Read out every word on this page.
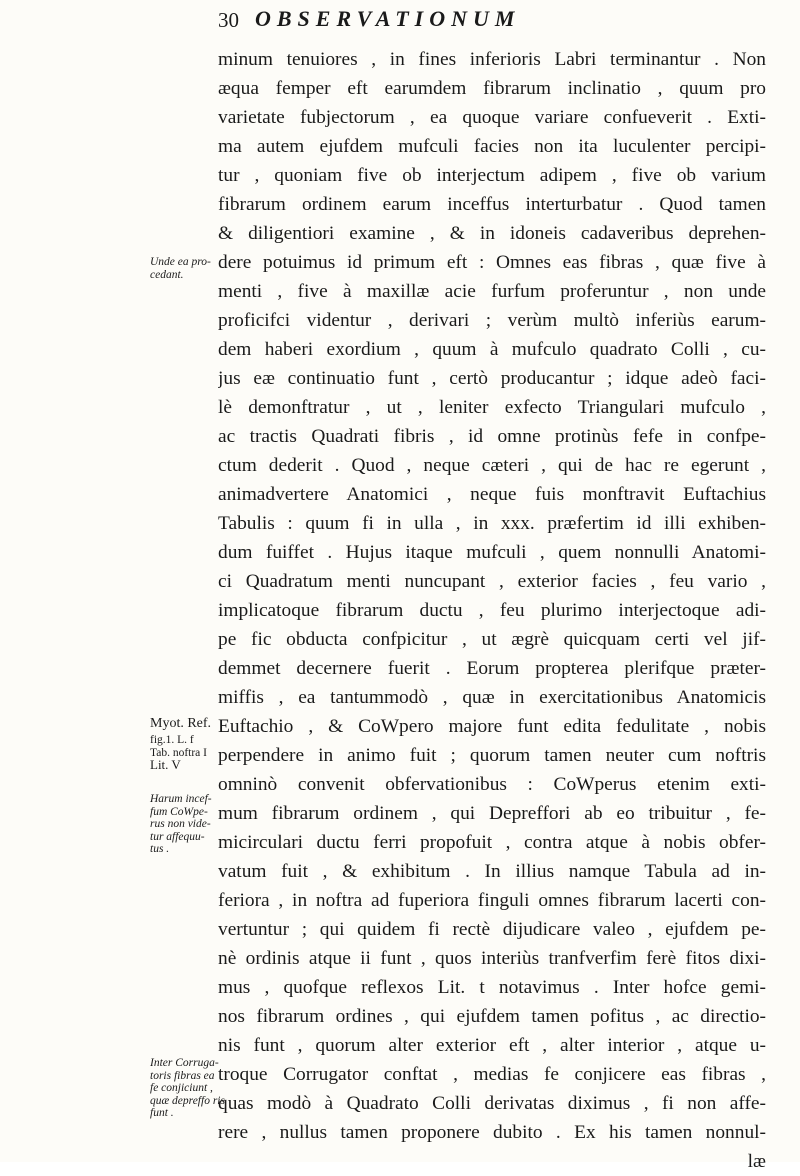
30 OBSERVATIONUM
minum tenuiores , in fines inferioris Labri terminantur . Non
æqua femper eft earumdem fibrarum inclinatio , quum pro
varietate fubjectorum , ea quoque variare confueverit . Exti-
ma autem ejufdem mufculi facies non ita luculenter percipi-
tur , quoniam five ob interjectum adipem , five ob varium
fibrarum ordinem earum inceffus interturbatur . Quod tamen
& diligentiori examine , & in idoneis cadaveribus deprehen-
dere potuimus id primum eft : Omnes eas fibras , quæ five à
menti , five à maxillæ acie furfum proferuntur , non unde
proficifci videntur , derivari ; verùm multò inferiùs earum-
dem haberi exordium , quum à mufculo quadrato Colli , cu-
jus eæ continuatio funt , certò producantur ; idque adeò faci-
lè demonftratur , ut , leniter exfecto Triangulari mufculo ,
ac tractis Quadrati fibris , id omne protinùs fefe in confpe-
ctum dederit . Quod , neque cæteri , qui de hac re egerunt ,
animadvertere Anatomici , neque fuis monftravit Euftachius
Tabulis : quum fi in ulla , in xxx. præfertim id illi exhiben-
dum fuiffet . Hujus itaque mufculi , quem nonnulli Anatomi-
ci Quadratum menti nuncupant , exterior facies , feu vario ,
implicatoque fibrarum ductu , feu plurimo interjectoque adi-
pe fic obducta confpicitur , ut ægrè quicquam certi vel jif-
demmet decernere fuerit . Eorum propterea plerifque præter-
miffis , ea tantummodò , quæ in exercitationibus Anatomicis
Euftachio , & CoWpero majore funt edita fedulitate , nobis
perpendere in animo fuit ; quorum tamen neuter cum noftris
omninò convenit obfervationibus : CoWperus etenim exti-
mum fibrarum ordinem , qui Depreffori ab eo tribuitur , fe-
micirculari ductu ferri propofuit , contra atque à nobis obfer-
vatum fuit , & exhibitum . In illius namque Tabula ad in-
feriora , in noftra ad fuperiora finguli omnes fibrarum lacerti con-
vertuntur ; qui quidem fi rectè dijudicare valeo , ejufdem pe-
nè ordinis atque ii funt , quos interiùs tranfverfim ferè fitos dixi-
mus , quofque reflexos Lit. t notavimus . Inter hofce gemi-
nos fibrarum ordines , qui ejufdem tamen pofitus , ac directio-
nis funt , quorum alter exterior eft , alter interior , atque u-
troque Corrugator conftat , medias fe conjicere eas fibras ,
quas modò à Quadrato Colli derivatas diximus , fi non affe-
rere , nullus tamen proponere dubito . Ex his tamen nonnul-
læ
Unde ea pro-
cedant.
Myot. Ref.
fig.1. L. f
Tab. noftra I
Lit. V
Harum incef-
fum CoWpe-
rus non vide-
tur affequu-
tus .
Inter Corruga-
toris fibras ea
fe conjiciunt ,
quæ depreffo ris
funt .
